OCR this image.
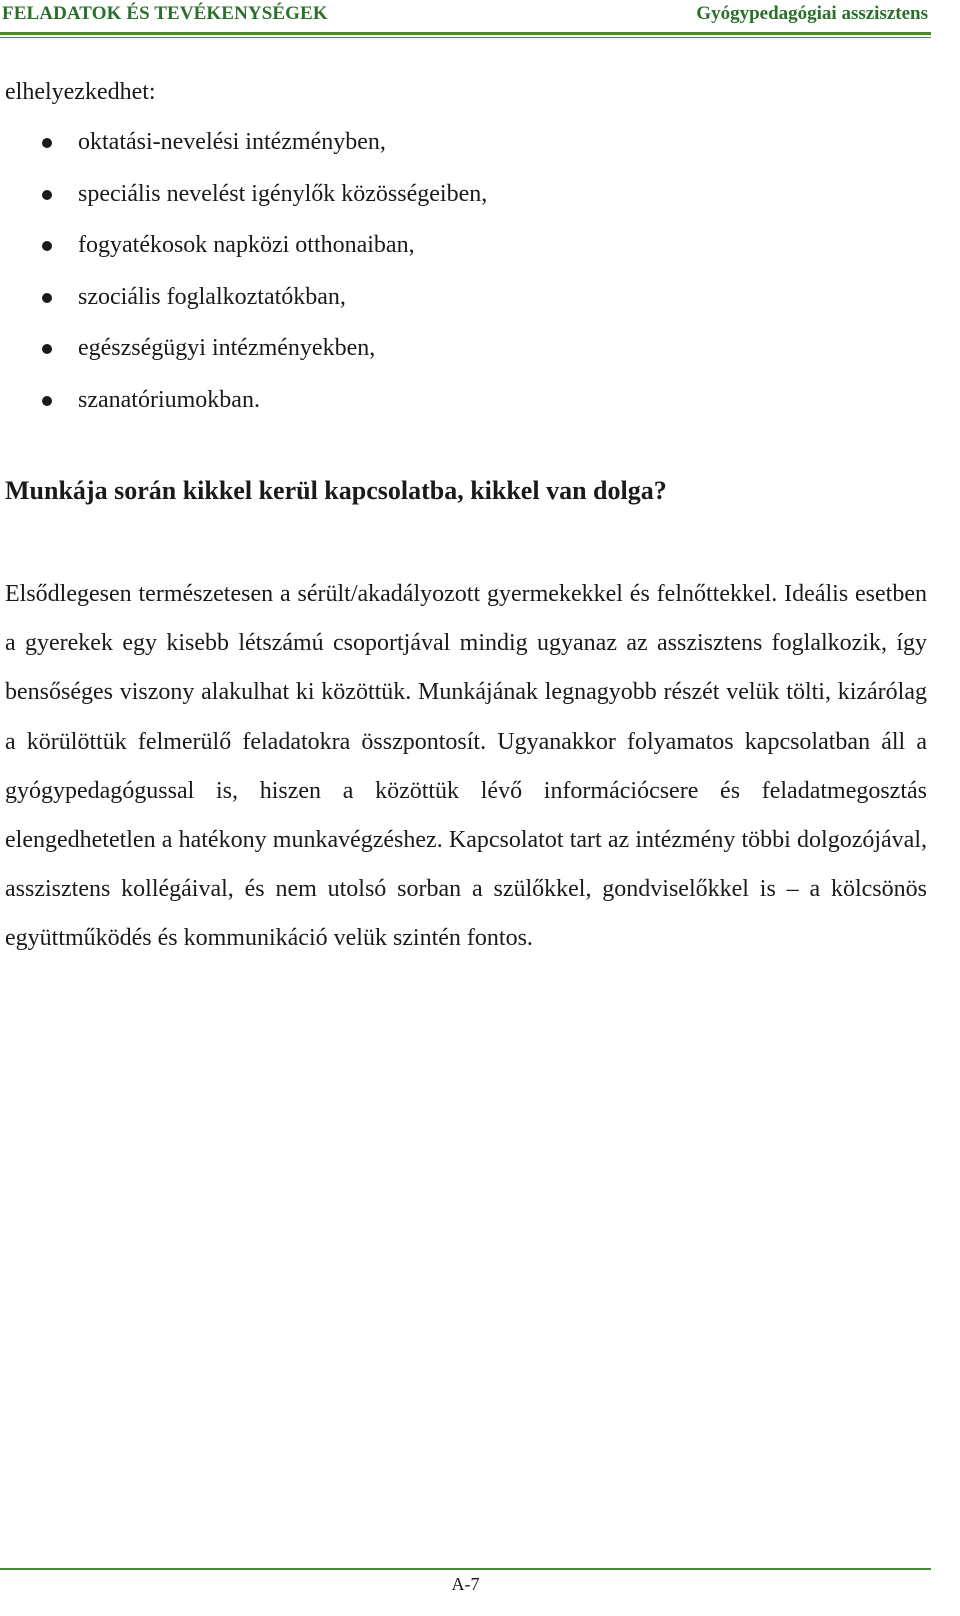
FELADATOK ÉS TEVÉKENYSÉGEK	Gyógypedagógiai asszisztens

elhelyezkedhet:

oktatási-nevelési intézményben,
speciális nevelést igénylők közösségeiben,
fogyatékosok napközi otthonaiban,
szociális foglalkoztatókban,
egészségügyi intézményekben,
szanatóriumokban.
Munkája során kikkel kerül kapcsolatba, kikkel van dolga?

Elsődlegesen természetesen a sérült/akadályozott gyermekekkel és felnőttekkel. Ideális esetben a gyerekek egy kisebb létszámú csoportjával mindig ugyanaz az asszisztens foglalkozik, így bensőséges viszony alakulhat ki közöttük. Munkájának legnagyobb részét velük tölti, kizárólag a körülöttük felmerülő feladatokra összpontosít. Ugyanakkor folyamatos kapcsolatban áll a gyógypedagógussal is, hiszen a közöttük lévő információcsere és feladatmegosztás elengedhetetlen a hatékony munkavégzéshez. Kapcsolatot tart az intézmény többi dolgozójával, asszisztens kollégáival, és nem utolsó sorban a szülőkkel, gondviselőkkel is – a kölcsönös együttműködés és kommunikáció velük szintén fontos.

A-7
